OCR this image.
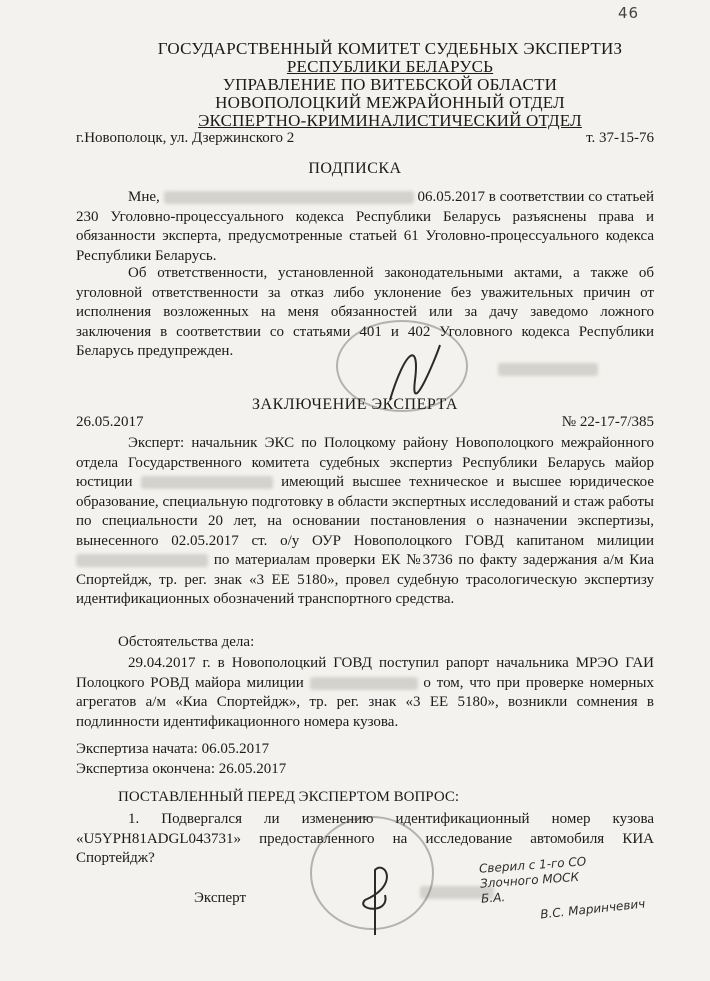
46
ГОСУДАРСТВЕННЫЙ КОМИТЕТ СУДЕБНЫХ ЭКСПЕРТИЗ
РЕСПУБЛИКИ БЕЛАРУСЬ
УПРАВЛЕНИЕ ПО ВИТЕБСКОЙ ОБЛАСТИ
НОВОПОЛОЦКИЙ МЕЖРАЙОННЫЙ ОТДЕЛ
ЭКСПЕРТНО-КРИМИНАЛИСТИЧЕСКИЙ ОТДЕЛ
г.Новополоцк, ул. Дзержинского 2	т. 37-15-76
ПОДПИСКА
Мне,	06.05.2017 в соответствии со статьей 230 Уголовно-процессуального кодекса Республики Беларусь разъяснены права и обязанности эксперта, предусмотренные статьей 61 Уголовно-процессуального кодекса Республики Беларусь.
Об ответственности, установленной законодательными актами, а также об уголовной ответственности за отказ либо уклонение без уважительных причин от исполнения возложенных на меня обязанностей или за дачу заведомо ложного заключения в соответствии со статьями 401 и 402 Уголовного кодекса Республики Беларусь предупрежден.
ЗАКЛЮЧЕНИЕ ЭКСПЕРТА
26.05.2017	№ 22-17-7/385
Эксперт: начальник ЭКС по Полоцкому району Новополоцкого межрайонного отдела Государственного комитета судебных экспертиз Республики Беларусь майор юстиции	имеющий высшее техническое и высшее юридическое образование, специальную подготовку в области экспертных исследований и стаж работы по специальности 20 лет, на основании постановления о назначении экспертизы, вынесенного 02.05.2017 ст. о/у ОУР Новополоцкого ГОВД капитаном милиции  по материалам проверки ЕК №3736 по факту задержания а/м Киа Спортейдж, тр. рег. знак «3 ЕЕ 5180», провел судебную трасологическую экспертизу идентификационных обозначений транспортного средства.
Обстоятельства дела:
29.04.2017 г. в Новополоцкий ГОВД поступил рапорт начальника МРЭО ГАИ Полоцкого РОВД майора милиции	о том, что при проверке номерных агрегатов а/м «Киа Спортейдж», тр. рег. знак «3 ЕЕ 5180», возникли сомнения в подлинности идентификационного номера кузова.
Экспертиза начата: 06.05.2017
Экспертиза окончена: 26.05.2017
ПОСТАВЛЕННЫЙ ПЕРЕД ЭКСПЕРТОМ ВОПРОС:
1. Подвергался ли изменению идентификационный номер кузова «U5YPH81ADGL043731» предоставленного на исследование автомобиля КИА Спортейдж?
Эксперт
Сверил с 1-го СО
Злочного МОСК
Б.А.	В.С. Маринчевич
